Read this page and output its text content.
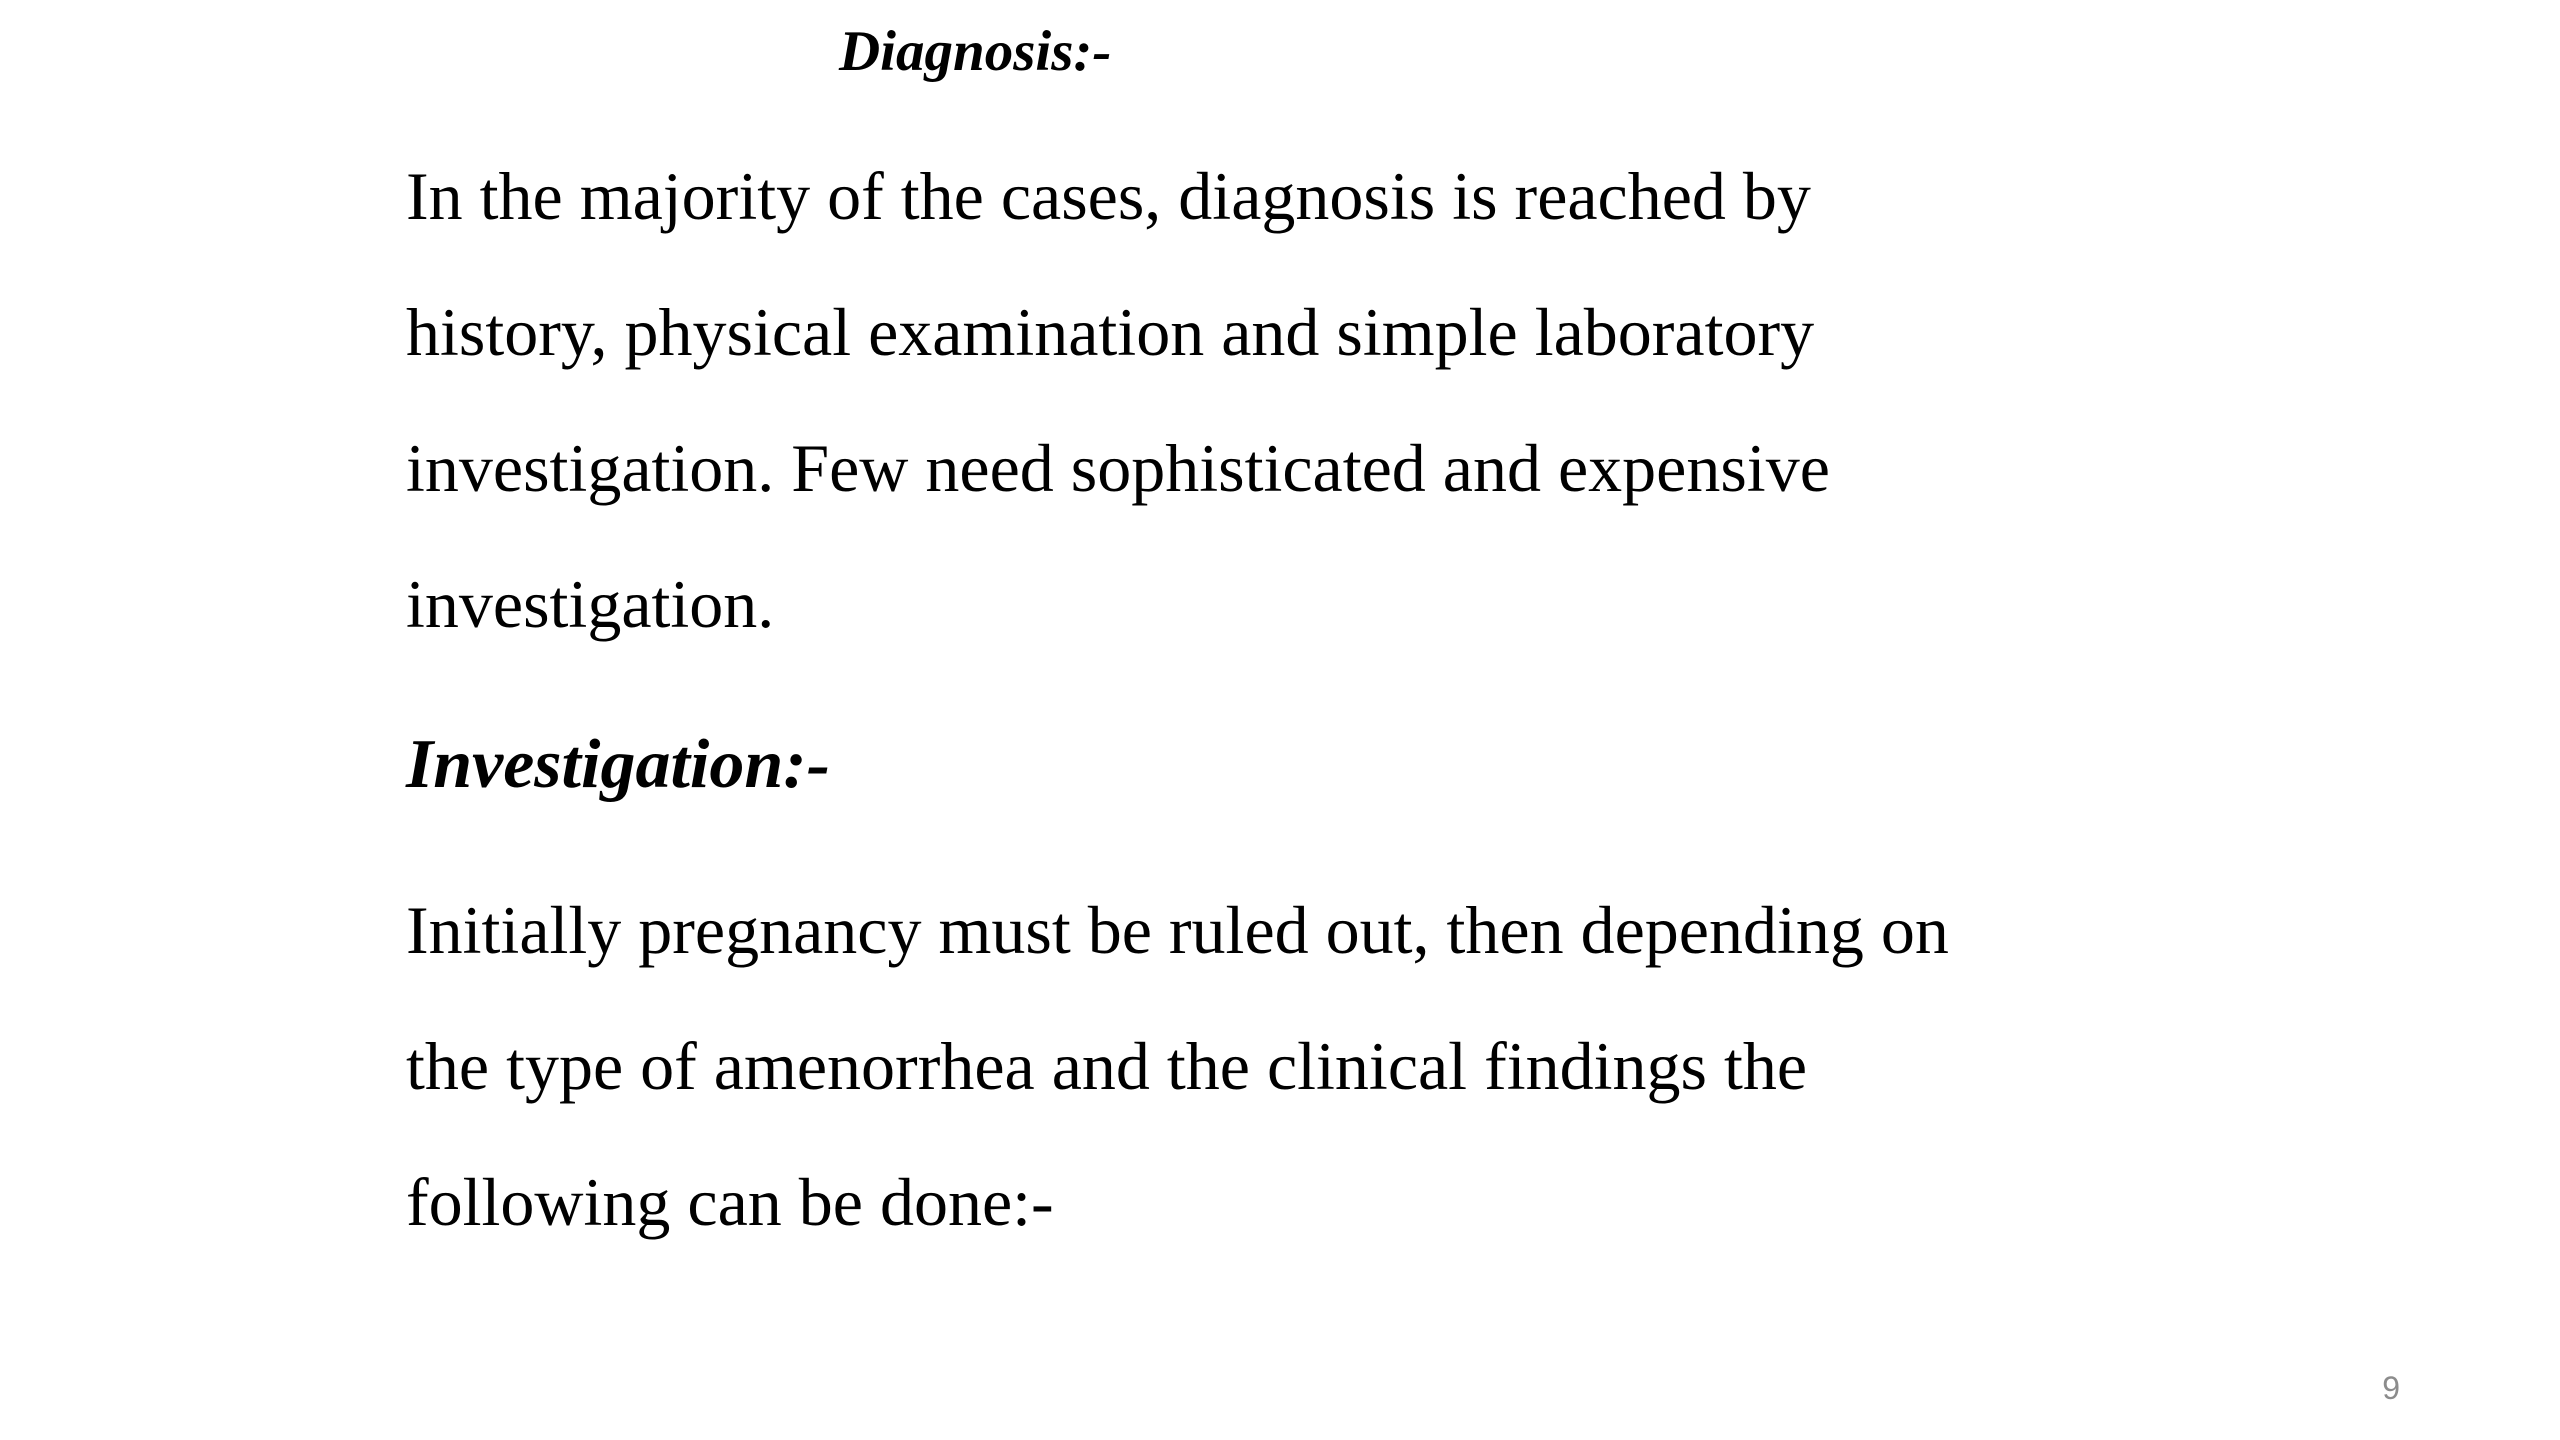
Diagnosis:-

In the majority of the cases, diagnosis is reached by
history, physical examination and simple laboratory
investigation. Few need sophisticated and expensive
investigation.

Investigation:-

Initially pregnancy must be ruled out, then depending on
the type of amenorrhea and the clinical findings the
following can be done:-

9
